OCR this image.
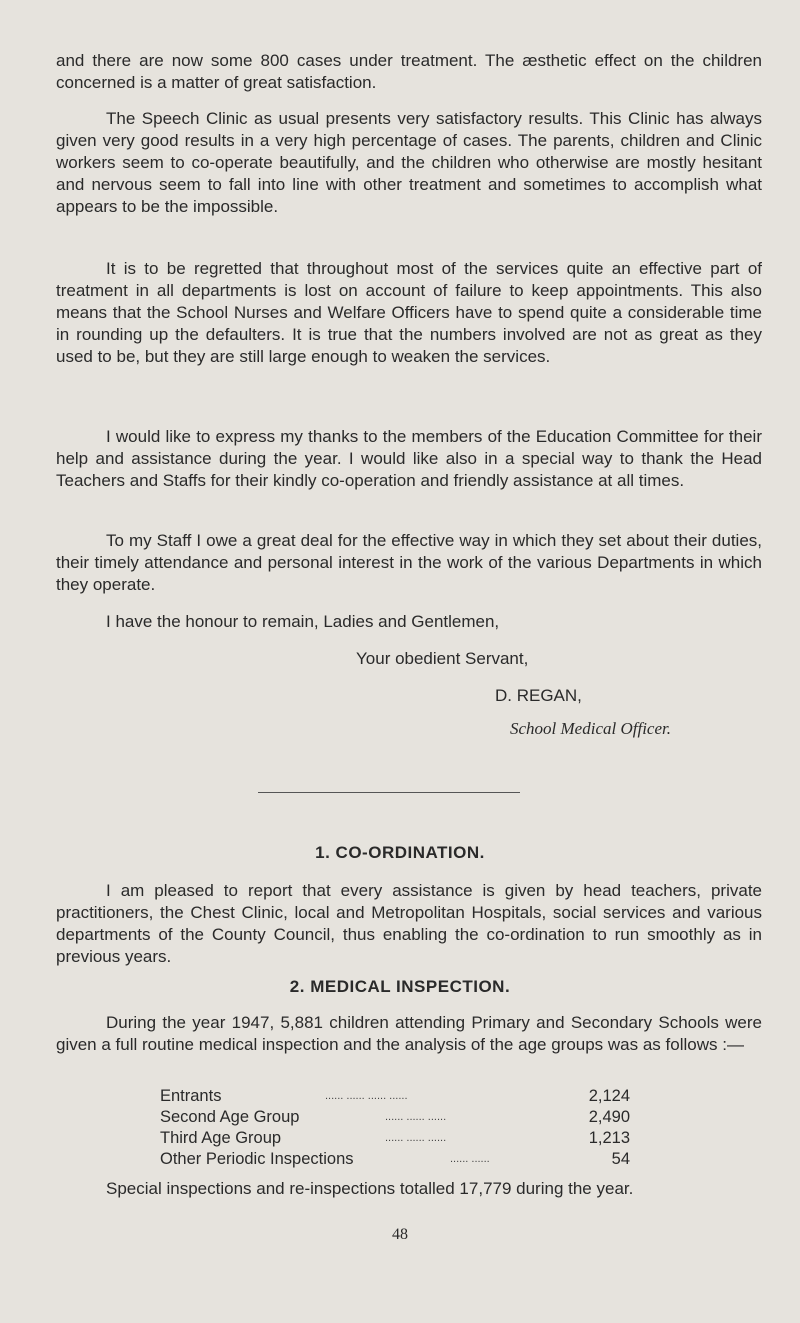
and there are now some 800 cases under treatment. The æsthetic effect on the children concerned is a matter of great satisfaction.

The Speech Clinic as usual presents very satisfactory results. This Clinic has always given very good results in a very high percentage of cases. The parents, children and Clinic workers seem to co-operate beautifully, and the children who otherwise are mostly hesitant and nervous seem to fall into line with other treatment and sometimes to accomplish what appears to be the impossible.

It is to be regretted that throughout most of the services quite an effective part of treatment in all departments is lost on account of failure to keep appointments. This also means that the School Nurses and Welfare Officers have to spend quite a considerable time in rounding up the defaulters. It is true that the numbers involved are not as great as they used to be, but they are still large enough to weaken the services.

I would like to express my thanks to the members of the Education Committee for their help and assistance during the year. I would like also in a special way to thank the Head Teachers and Staffs for their kindly co-operation and friendly assistance at all times.

To my Staff I owe a great deal for the effective way in which they set about their duties, their timely attendance and personal interest in the work of the various Departments in which they operate.

I have the honour to remain, Ladies and Gentlemen,

Your obedient Servant,

D. REGAN,

School Medical Officer.

1. CO-ORDINATION.

I am pleased to report that every assistance is given by head teachers, private practitioners, the Chest Clinic, local and Metropolitan Hospitals, social services and various departments of the County Council, thus enabling the co-ordination to run smoothly as in previous years.

2. MEDICAL INSPECTION.

During the year 1947, 5,881 children attending Primary and Secondary Schools were given a full routine medical inspection and the analysis of the age groups was as follows :—

Entrants	...... ...... ...... ......	2,124
Second Age Group	...... ...... ......	2,490
Third Age Group	...... ...... ......	1,213
Other Periodic Inspections	...... ......	54

Special inspections and re-inspections totalled 17,779 during the year.

48
